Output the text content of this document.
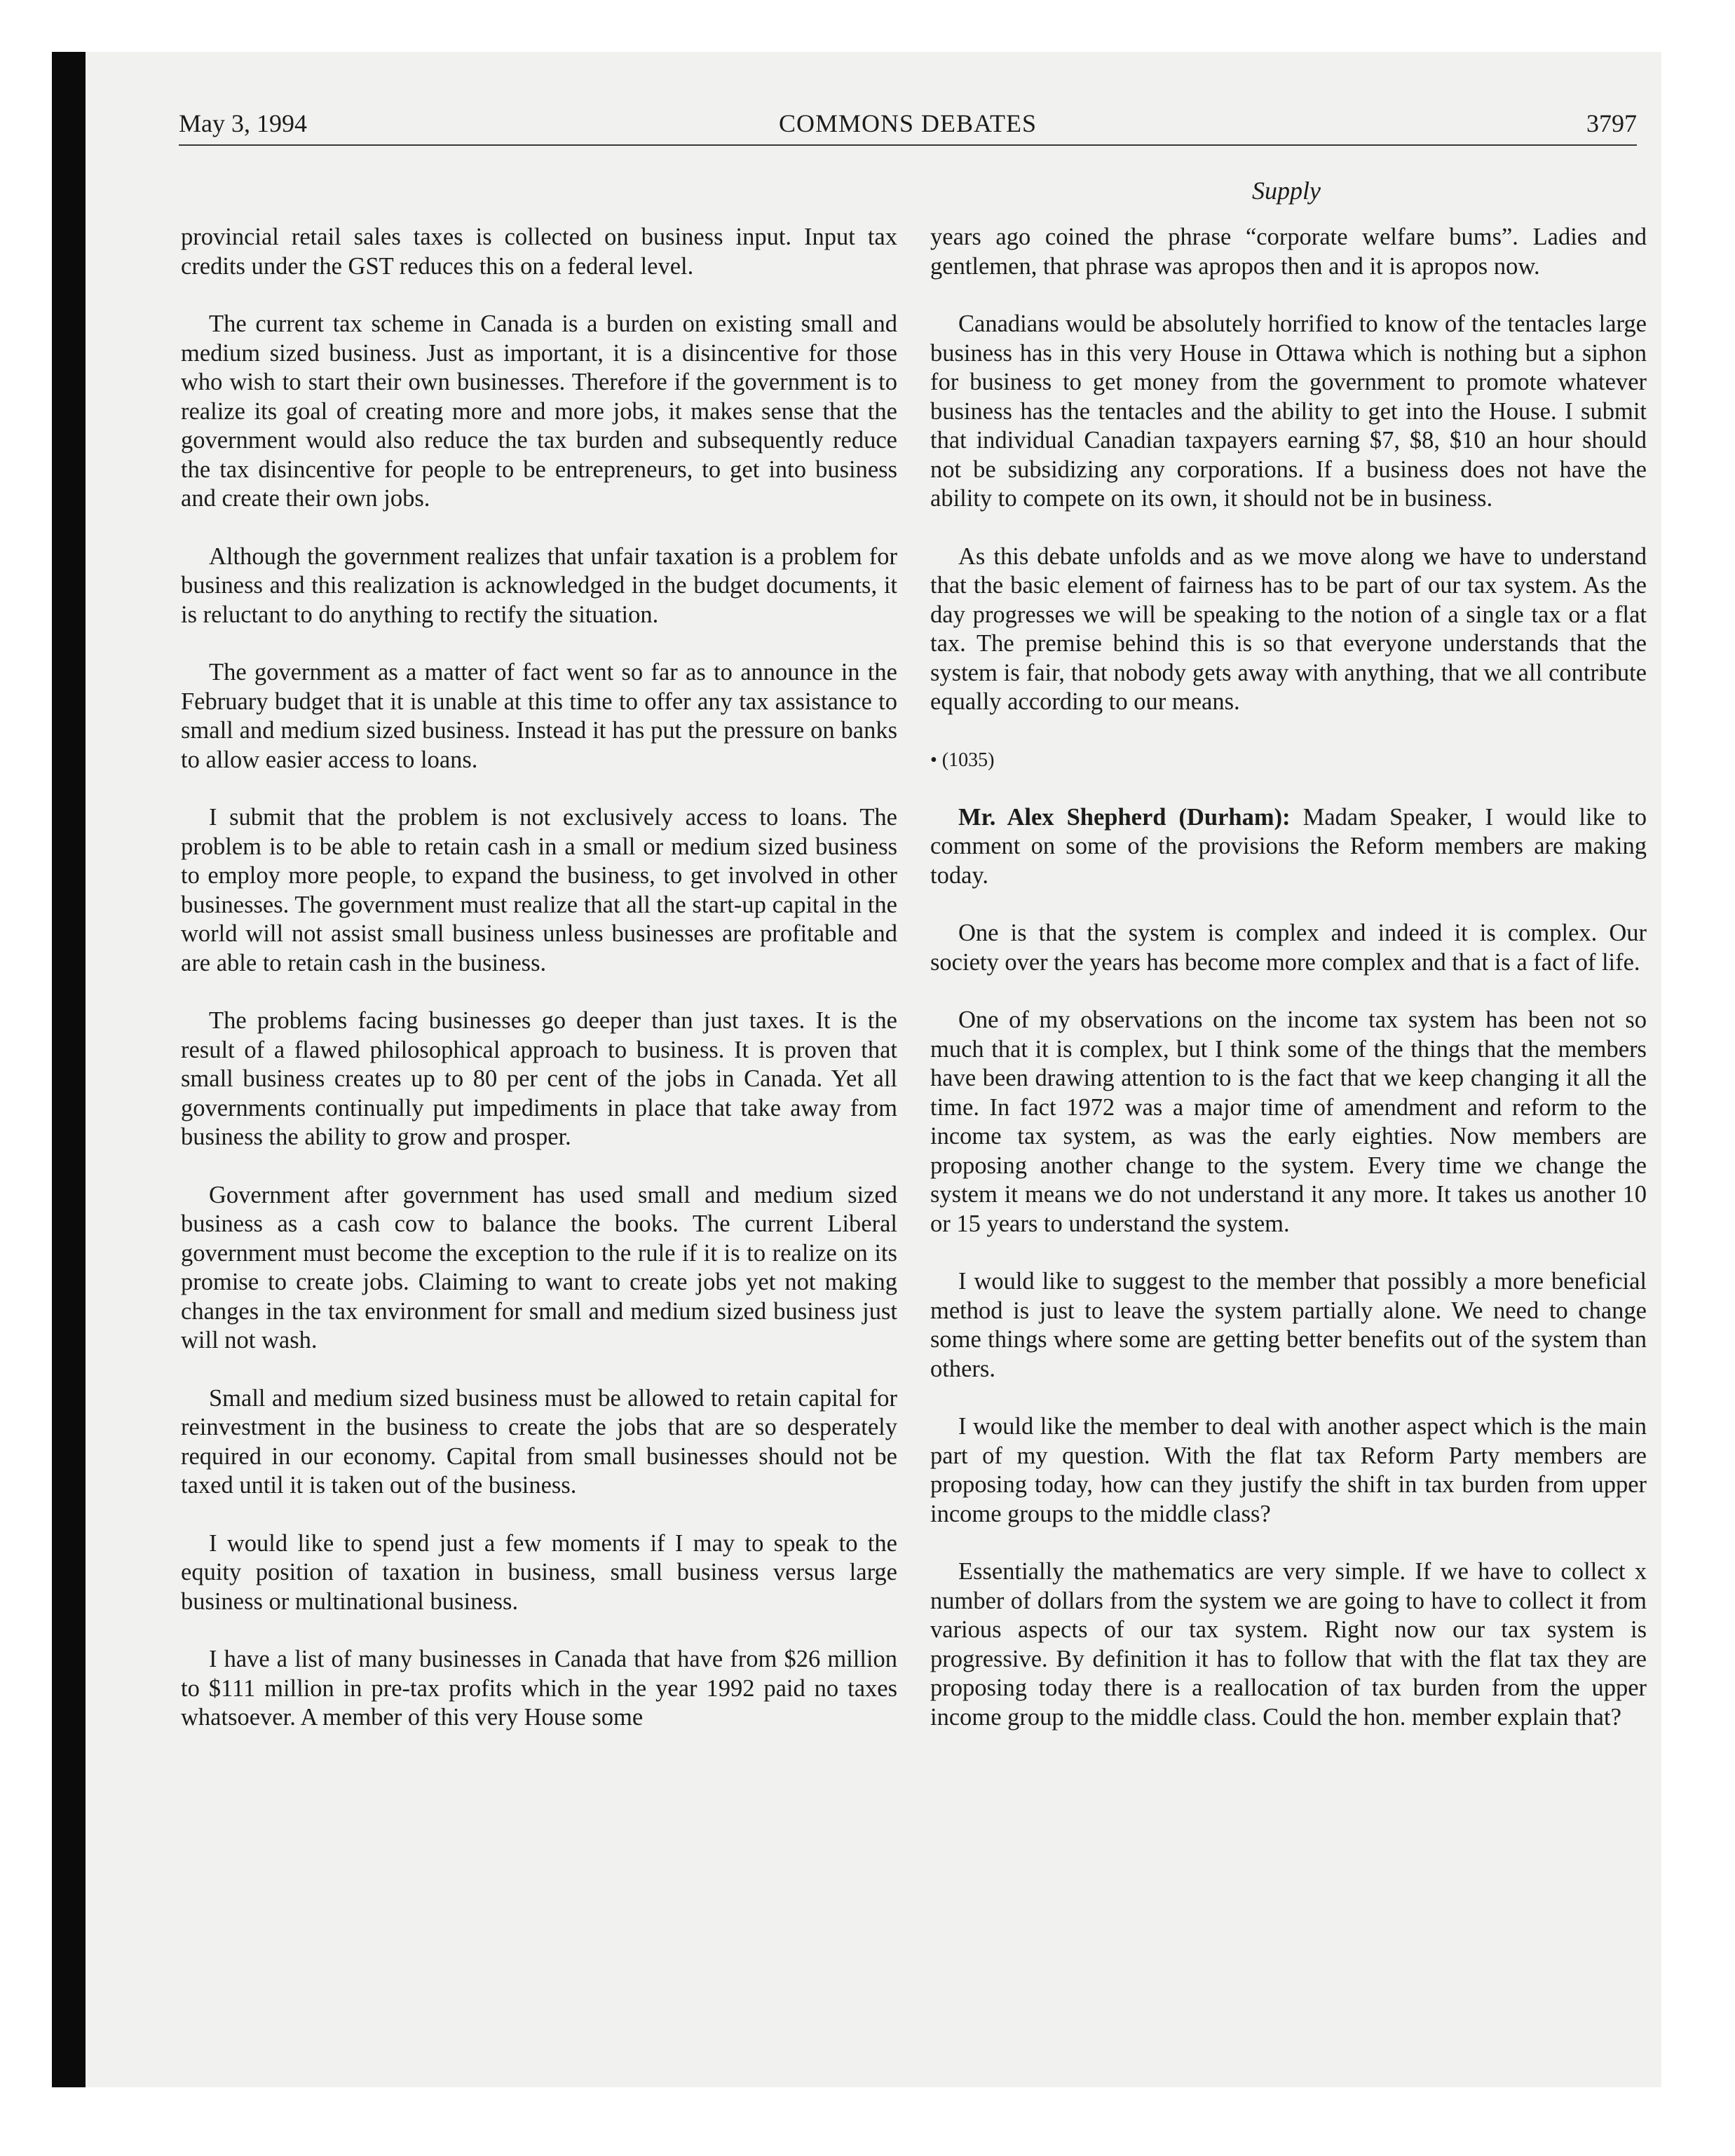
May 3, 1994	COMMONS DEBATES	3797
Supply

provincial retail sales taxes is collected on business input. Input tax credits under the GST reduces this on a federal level.

The current tax scheme in Canada is a burden on existing small and medium sized business. Just as important, it is a disincentive for those who wish to start their own businesses. Therefore if the government is to realize its goal of creating more and more jobs, it makes sense that the government would also reduce the tax burden and subsequently reduce the tax disincentive for people to be entrepreneurs, to get into business and create their own jobs.

Although the government realizes that unfair taxation is a problem for business and this realization is acknowledged in the budget documents, it is reluctant to do anything to rectify the situation.

The government as a matter of fact went so far as to announce in the February budget that it is unable at this time to offer any tax assistance to small and medium sized business. Instead it has put the pressure on banks to allow easier access to loans.

I submit that the problem is not exclusively access to loans. The problem is to be able to retain cash in a small or medium sized business to employ more people, to expand the business, to get involved in other businesses. The government must realize that all the start-up capital in the world will not assist small business unless businesses are profitable and are able to retain cash in the business.

The problems facing businesses go deeper than just taxes. It is the result of a flawed philosophical approach to business. It is proven that small business creates up to 80 per cent of the jobs in Canada. Yet all governments continually put impediments in place that take away from business the ability to grow and prosper.

Government after government has used small and medium sized business as a cash cow to balance the books. The current Liberal government must become the exception to the rule if it is to realize on its promise to create jobs. Claiming to want to create jobs yet not making changes in the tax environment for small and medium sized business just will not wash.

Small and medium sized business must be allowed to retain capital for reinvestment in the business to create the jobs that are so desperately required in our economy. Capital from small businesses should not be taxed until it is taken out of the business.

I would like to spend just a few moments if I may to speak to the equity position of taxation in business, small business versus large business or multinational business.

I have a list of many businesses in Canada that have from $26 million to $111 million in pre-tax profits which in the year 1992 paid no taxes whatsoever. A member of this very House some

years ago coined the phrase “corporate welfare bums”. Ladies and gentlemen, that phrase was apropos then and it is apropos now.

Canadians would be absolutely horrified to know of the tentacles large business has in this very House in Ottawa which is nothing but a siphon for business to get money from the government to promote whatever business has the tentacles and the ability to get into the House. I submit that individual Canadian taxpayers earning $7, $8, $10 an hour should not be subsidizing any corporations. If a business does not have the ability to compete on its own, it should not be in business.

As this debate unfolds and as we move along we have to understand that the basic element of fairness has to be part of our tax system. As the day progresses we will be speaking to the notion of a single tax or a flat tax. The premise behind this is so that everyone understands that the system is fair, that nobody gets away with anything, that we all contribute equally according to our means.

• (1035)

Mr. Alex Shepherd (Durham): Madam Speaker, I would like to comment on some of the provisions the Reform members are making today.

One is that the system is complex and indeed it is complex. Our society over the years has become more complex and that is a fact of life.

One of my observations on the income tax system has been not so much that it is complex, but I think some of the things that the members have been drawing attention to is the fact that we keep changing it all the time. In fact 1972 was a major time of amendment and reform to the income tax system, as was the early eighties. Now members are proposing another change to the system. Every time we change the system it means we do not understand it any more. It takes us another 10 or 15 years to understand the system.

I would like to suggest to the member that possibly a more beneficial method is just to leave the system partially alone. We need to change some things where some are getting better benefits out of the system than others.

I would like the member to deal with another aspect which is the main part of my question. With the flat tax Reform Party members are proposing today, how can they justify the shift in tax burden from upper income groups to the middle class?

Essentially the mathematics are very simple. If we have to collect x number of dollars from the system we are going to have to collect it from various aspects of our tax system. Right now our tax system is progressive. By definition it has to follow that with the flat tax they are proposing today there is a reallocation of tax burden from the upper income group to the middle class. Could the hon. member explain that?
